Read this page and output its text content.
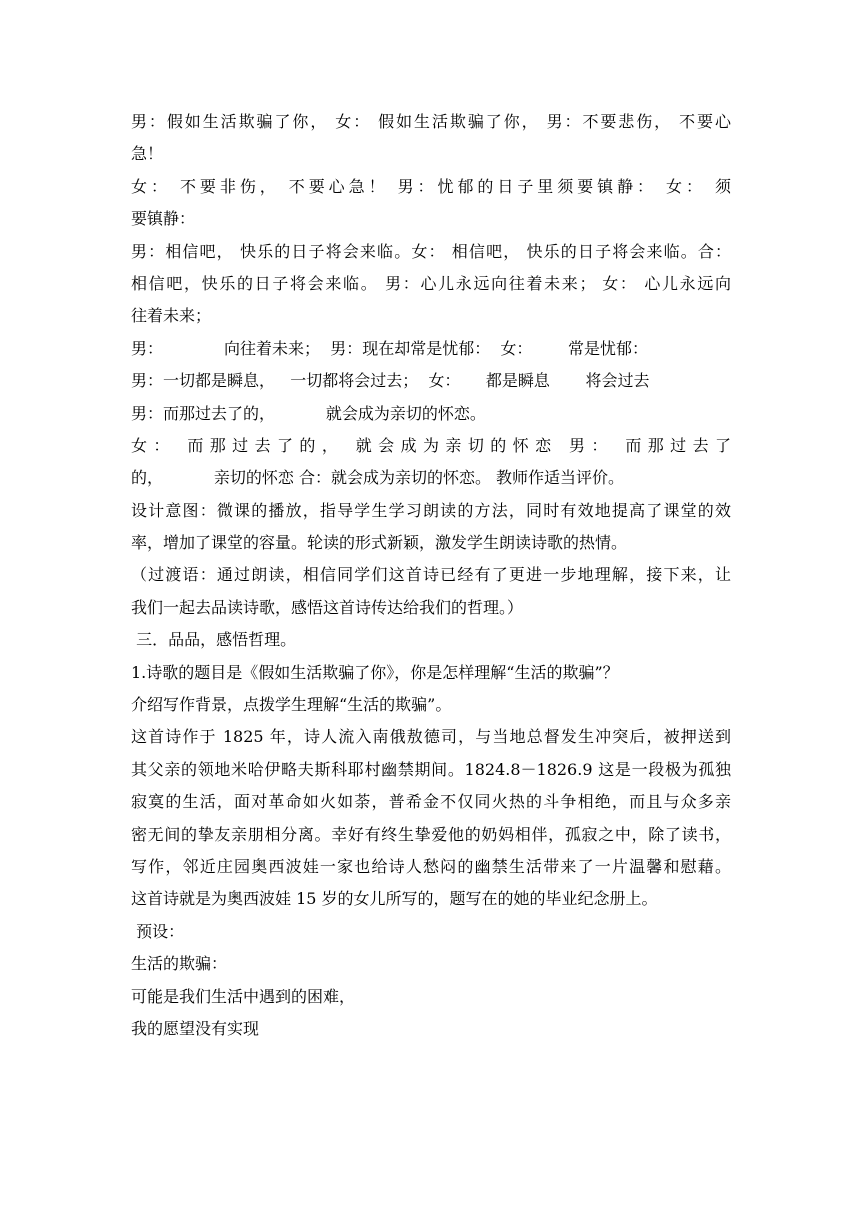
男：假如生活欺骗了你， 女： 假如生活欺骗了你， 男：不要悲伤， 不要心
急！
女： 不要非伤， 不要心急！ 男：忧郁的日子里须要镇静： 女： 须
要镇静：
男：相信吧， 快乐的日子将会来临。女： 相信吧， 快乐的日子将会来临。合：
相信吧，快乐的日子将会来临。 男：心儿永远向往着未来； 女： 心儿永远向
往着未来；
男：            向往着未来；  男：现在却常是忧郁：  女：       常是忧郁：
男：一切都是瞬息，   一切都将会过去；  女：     都是瞬息       将会过去
男：而那过去了的，          就会成为亲切的怀恋。
女： 而那过去了的， 就会成为亲切的怀恋 男： 而那过去了
的，          亲切的怀恋 合：就会成为亲切的怀恋。 教师作适当评价。
设计意图：微课的播放，指导学生学习朗读的方法，同时有效地提高了课堂的效
率，增加了课堂的容量。轮读的形式新颖，激发学生朗读诗歌的热情。
（过渡语：通过朗读，相信同学们这首诗已经有了更进一步地理解，接下来，让
我们一起去品读诗歌，感悟这首诗传达给我们的哲理。）
三．品品，感悟哲理。
1.诗歌的题目是《假如生活欺骗了你》，你是怎样理解“生活的欺骗”？
介绍写作背景，点拨学生理解“生活的欺骗”。
这首诗作于 1825 年，诗人流入南俄敖德司，与当地总督发生冲突后，被押送到
其父亲的领地米哈伊略夫斯科耶村幽禁期间。1824.8－1826.9 这是一段极为孤独
寂寞的生活，面对革命如火如荼，普希金不仅同火热的斗争相绝，而且与众多亲
密无间的挚友亲朋相分离。幸好有终生挚爱他的奶妈相伴，孤寂之中，除了读书，
写作，邻近庄园奥西波娃一家也给诗人愁闷的幽禁生活带来了一片温馨和慰藉。
这首诗就是为奥西波娃 15 岁的女儿所写的，题写在的她的毕业纪念册上。
预设：
生活的欺骗：
可能是我们生活中遇到的困难，
我的愿望没有实现
